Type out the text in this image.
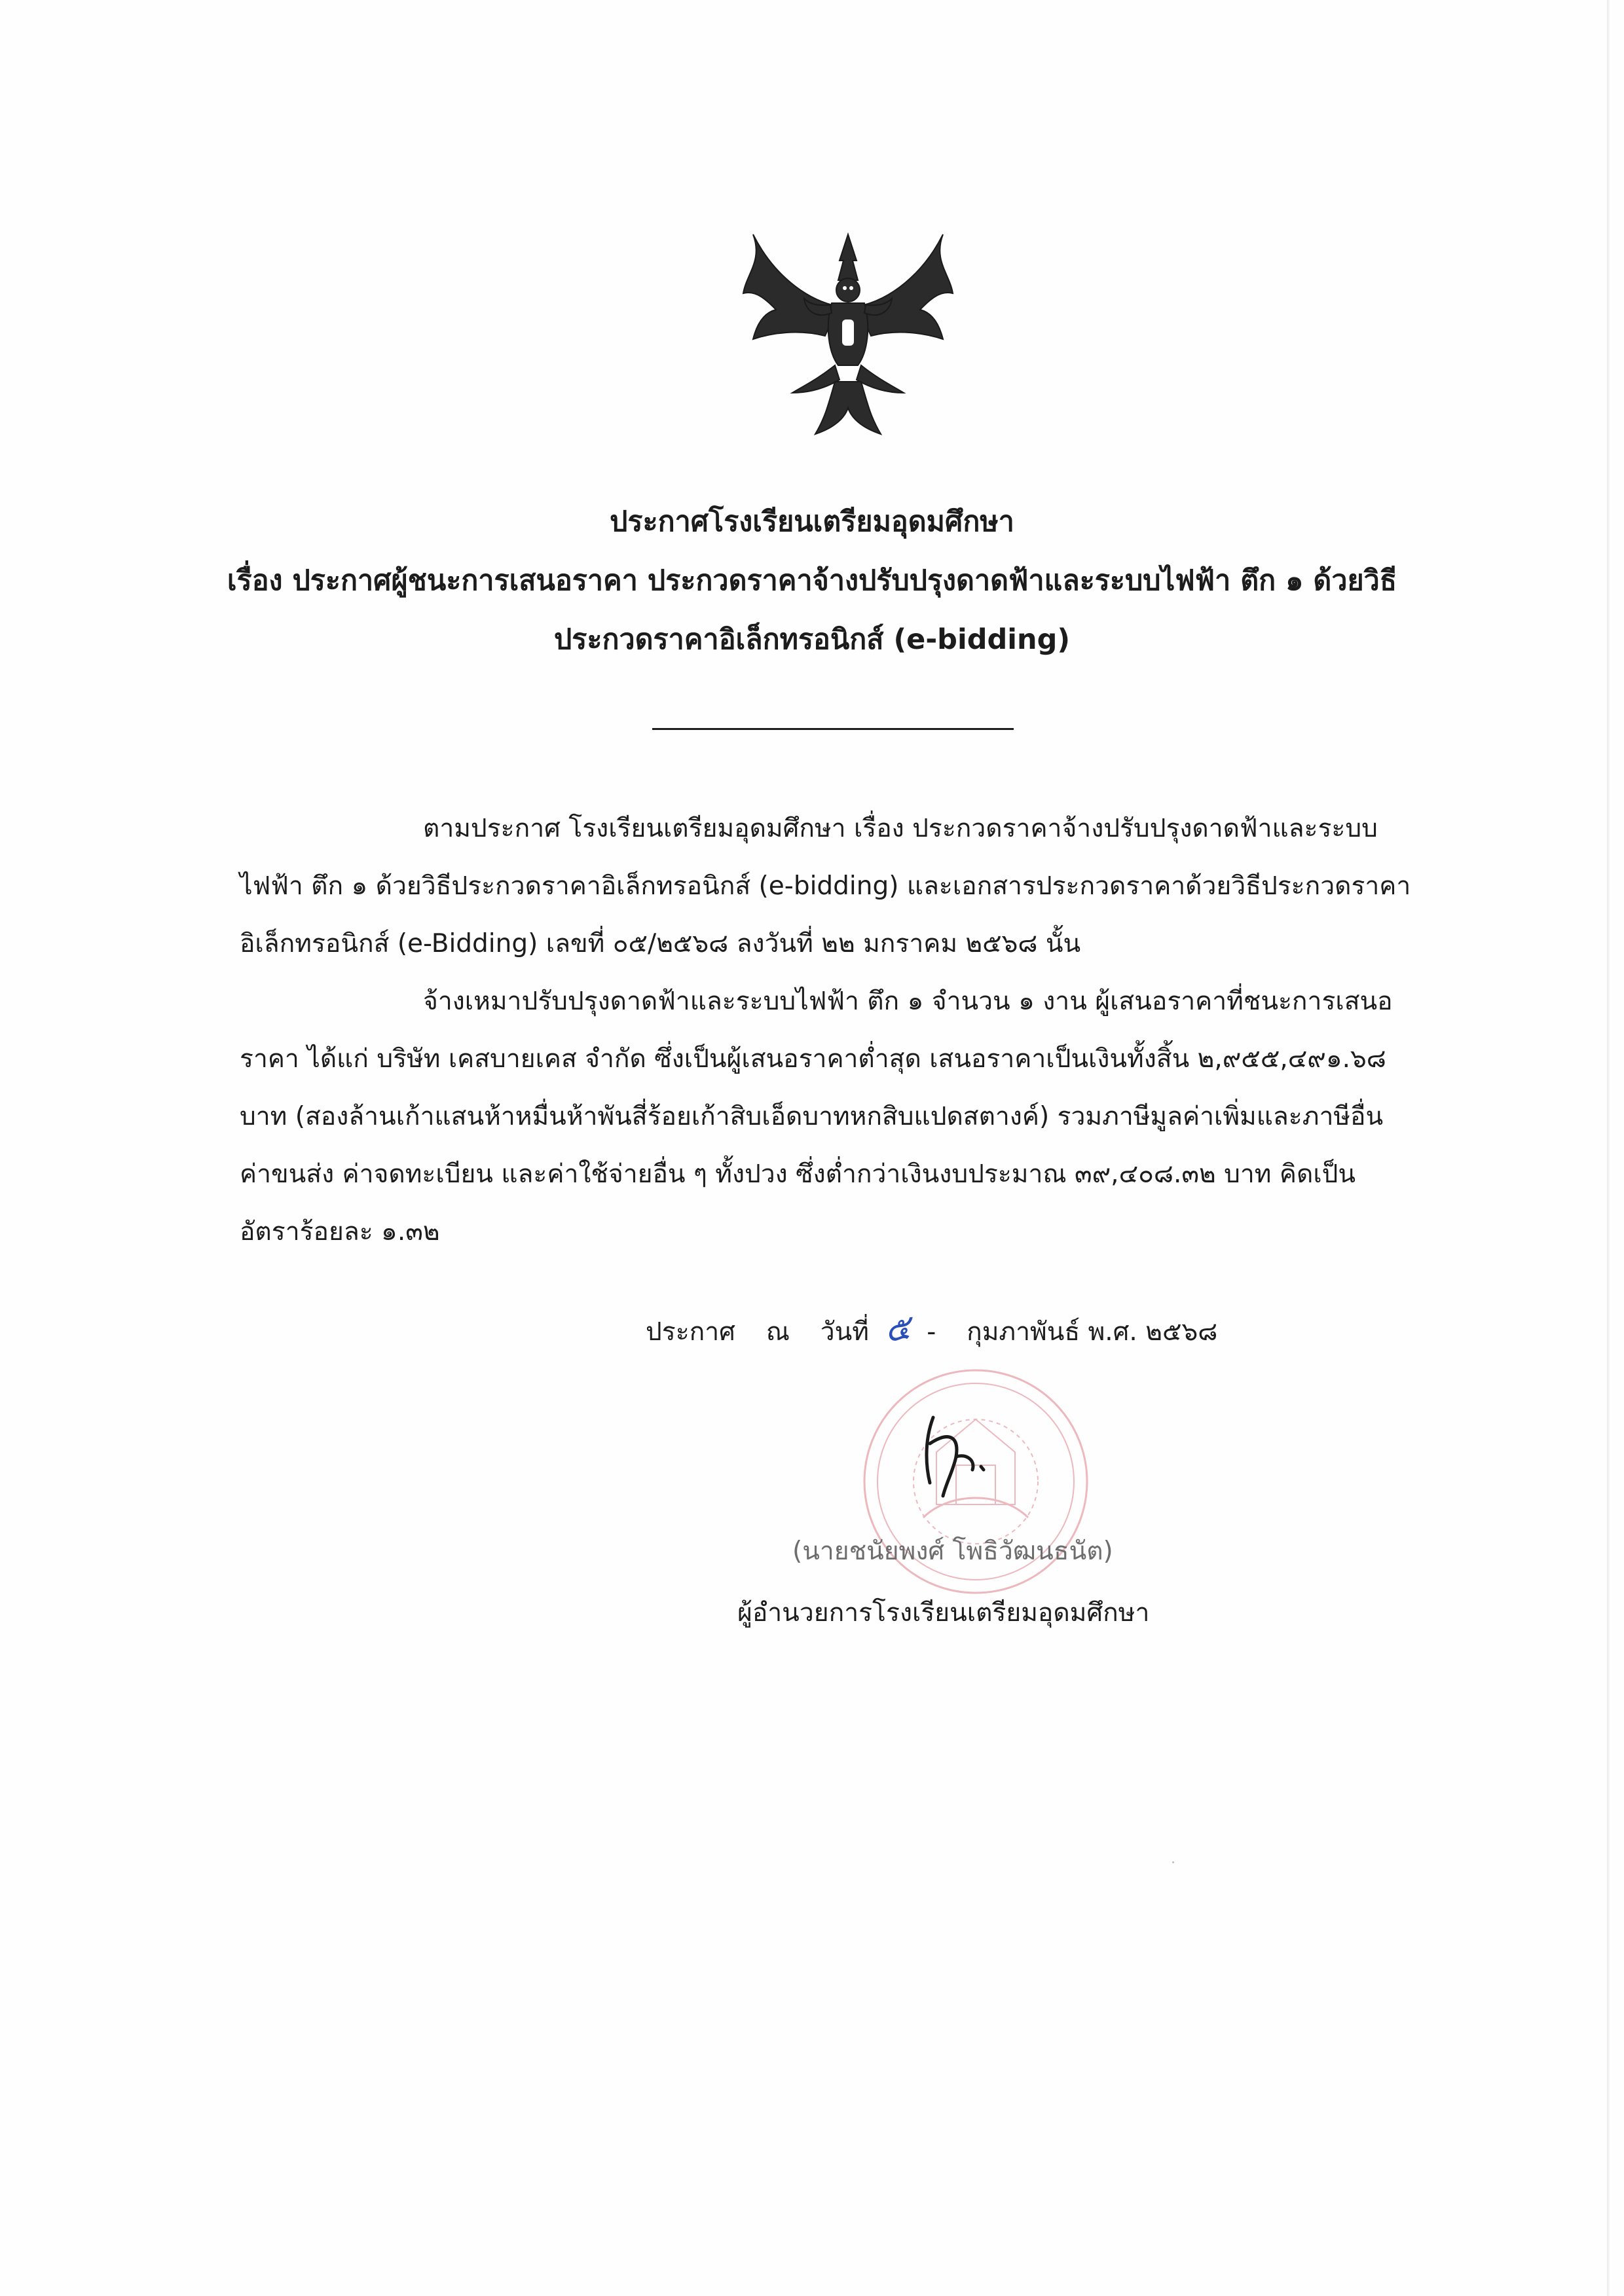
ประกาศโรงเรียนเตรียมอุดมศึกษา
เรื่อง ประกาศผู้ชนะการเสนอราคา ประกวดราคาจ้างปรับปรุงดาดฟ้าและระบบไฟฟ้า ตึก ๑ ด้วยวิธี
ประกวดราคาอิเล็กทรอนิกส์ (e-bidding)
ตามประกาศ โรงเรียนเตรียมอุดมศึกษา เรื่อง ประกวดราคาจ้างปรับปรุงดาดฟ้าและระบบ
ไฟฟ้า ตึก ๑ ด้วยวิธีประกวดราคาอิเล็กทรอนิกส์ (e-bidding) และเอกสารประกวดราคาด้วยวิธีประกวดราคา
อิเล็กทรอนิกส์ (e-Bidding) เลขที่ ๐๕/๒๕๖๘ ลงวันที่ ๒๒ มกราคม ๒๕๖๘ นั้น
จ้างเหมาปรับปรุงดาดฟ้าและระบบไฟฟ้า ตึก ๑ จำนวน ๑ งาน ผู้เสนอราคาที่ชนะการเสนอ
ราคา ได้แก่ บริษัท เคสบายเคส จำกัด ซึ่งเป็นผู้เสนอราคาต่ำสุด เสนอราคาเป็นเงินทั้งสิ้น ๒,๙๕๕,๔๙๑.๖๘
บาท (สองล้านเก้าแสนห้าหมื่นห้าพันสี่ร้อยเก้าสิบเอ็ดบาทหกสิบแปดสตางค์) รวมภาษีมูลค่าเพิ่มและภาษีอื่น
ค่าขนส่ง ค่าจดทะเบียน และค่าใช้จ่ายอื่น ๆ ทั้งปวง ซึ่งต่ำกว่าเงินงบประมาณ ๓๙,๔๐๘.๓๒ บาท คิดเป็น
อัตราร้อยละ ๑.๓๒
ประกาศ ณ วันที่ ๕ - กุมภาพันธ์ พ.ศ. ๒๕๖๘
(นายชนัยพงศ์ โพธิวัฒนธนัต)
ผู้อำนวยการโรงเรียนเตรียมอุดมศึกษา
